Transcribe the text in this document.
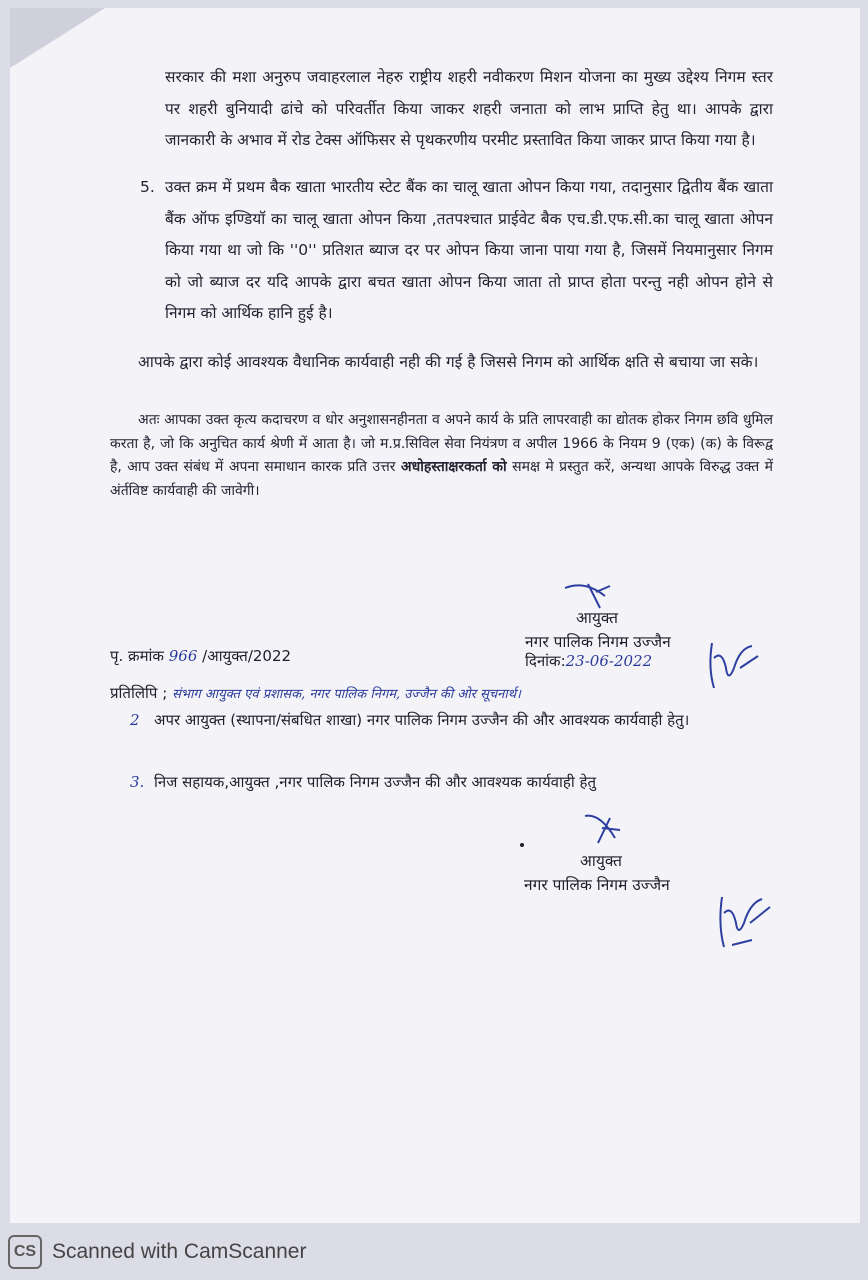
सरकार की मशा अनुरुप जवाहरलाल नेहरु राष्ट्रीय शहरी नवीकरण मिशन योजना का मुख्य उद्देश्य निगम स्तर पर शहरी बुनियादी ढांचे को परिवर्तीत किया जाकर शहरी जनाता को लाभ प्राप्ति हेतु था। आपके द्वारा जानकारी के अभाव में रोड टेक्स ऑफिसर से पृथकरणीय परमीट प्रस्तावित किया जाकर प्राप्त किया गया है।

5. उक्त क्रम में प्रथम बैक खाता भारतीय स्टेट बैंक का चालू खाता ओपन किया गया, तदानुसार द्वितीय बैंक खाता बैंक ऑफ इण्डियॉ का चालू खाता ओपन किया ,ततपश्चात प्राईवेट बैक एच.डी.एफ.सी.का चालू खाता ओपन किया गया था जो कि ''0'' प्रतिशत ब्याज दर पर ओपन किया जाना पाया गया है, जिसमें नियमानुसार निगम को जो ब्याज दर यदि आपके द्वारा बचत खाता ओपन किया जाता तो प्राप्त होता परन्तु नही ओपन होने से निगम को आर्थिक हानि हुई है।

आपके द्वारा कोई आवश्यक वैधानिक कार्यवाही नही की गई है जिससे निगम को आर्थिक क्षति से बचाया जा सके।

अतः आपका उक्त कृत्य कदाचरण व धोर अनुशासनहीनता व अपने कार्य के प्रति लापरवाही का द्योतक होकर निगम छवि धुमिल करता है, जो कि अनुचित कार्य श्रेणी में आता है। जो म.प्र.सिविल सेवा नियंत्रण व अपील 1966 के नियम 9 (एक) (क) के विरूद्व है, आप उक्त संबंध में अपना समाधान कारक प्रति उत्तर अधोहस्ताक्षरकर्ता को समक्ष मे प्रस्तुत करें, अन्यथा आपके विरुद्ध उक्त में अंर्तविष्ट कार्यवाही की जावेगी।

आयुक्त
नगर पालिक निगम उज्जैन
पृ. क्रमांक 966 /आयुक्त/2022	दिनांक:23-06-2022
प्रतिलिपि ; संभाग आयुक्त एवं प्रशासक, नगर पालिक निगम, उज्जैन की ओर सूचनार्थ।
2 अपर आयुक्त (स्थापना/संबधित शाखा) नगर पालिक निगम उज्जैन की और आवश्यक कार्यवाही हेतु।
3. निज सहायक,आयुक्त ,नगर पालिक निगम उज्जैन की और आवश्यक कार्यवाही हेतु
आयुक्त
नगर पालिक निगम उज्जैन
CS Scanned with CamScanner
